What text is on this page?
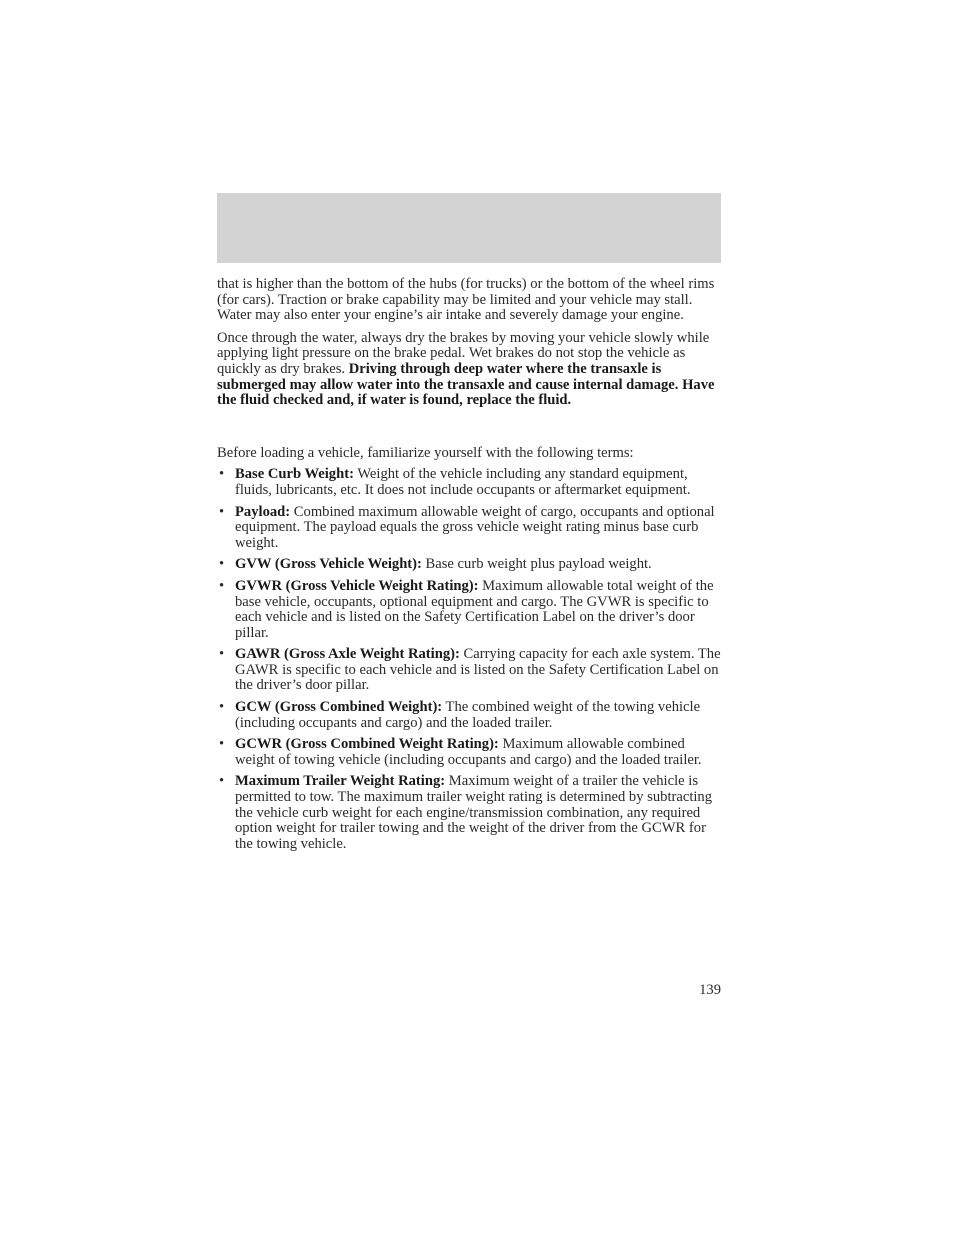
that is higher than the bottom of the hubs (for trucks) or the bottom of the wheel rims (for cars). Traction or brake capability may be limited and your vehicle may stall. Water may also enter your engine’s air intake and severely damage your engine.

Once through the water, always dry the brakes by moving your vehicle slowly while applying light pressure on the brake pedal. Wet brakes do not stop the vehicle as quickly as dry brakes. Driving through deep water where the transaxle is submerged may allow water into the transaxle and cause internal damage. Have the fluid checked and, if water is found, replace the fluid.

Before loading a vehicle, familiarize yourself with the following terms:

• Base Curb Weight: Weight of the vehicle including any standard equipment, fluids, lubricants, etc. It does not include occupants or aftermarket equipment.
• Payload: Combined maximum allowable weight of cargo, occupants and optional equipment. The payload equals the gross vehicle weight rating minus base curb weight.
• GVW (Gross Vehicle Weight): Base curb weight plus payload weight.
• GVWR (Gross Vehicle Weight Rating): Maximum allowable total weight of the base vehicle, occupants, optional equipment and cargo. The GVWR is specific to each vehicle and is listed on the Safety Certification Label on the driver’s door pillar.
• GAWR (Gross Axle Weight Rating): Carrying capacity for each axle system. The GAWR is specific to each vehicle and is listed on the Safety Certification Label on the driver’s door pillar.
• GCW (Gross Combined Weight): The combined weight of the towing vehicle (including occupants and cargo) and the loaded trailer.
• GCWR (Gross Combined Weight Rating): Maximum allowable combined weight of towing vehicle (including occupants and cargo) and the loaded trailer.
• Maximum Trailer Weight Rating: Maximum weight of a trailer the vehicle is permitted to tow. The maximum trailer weight rating is determined by subtracting the vehicle curb weight for each engine/transmission combination, any required option weight for trailer towing and the weight of the driver from the GCWR for the towing vehicle.
139
